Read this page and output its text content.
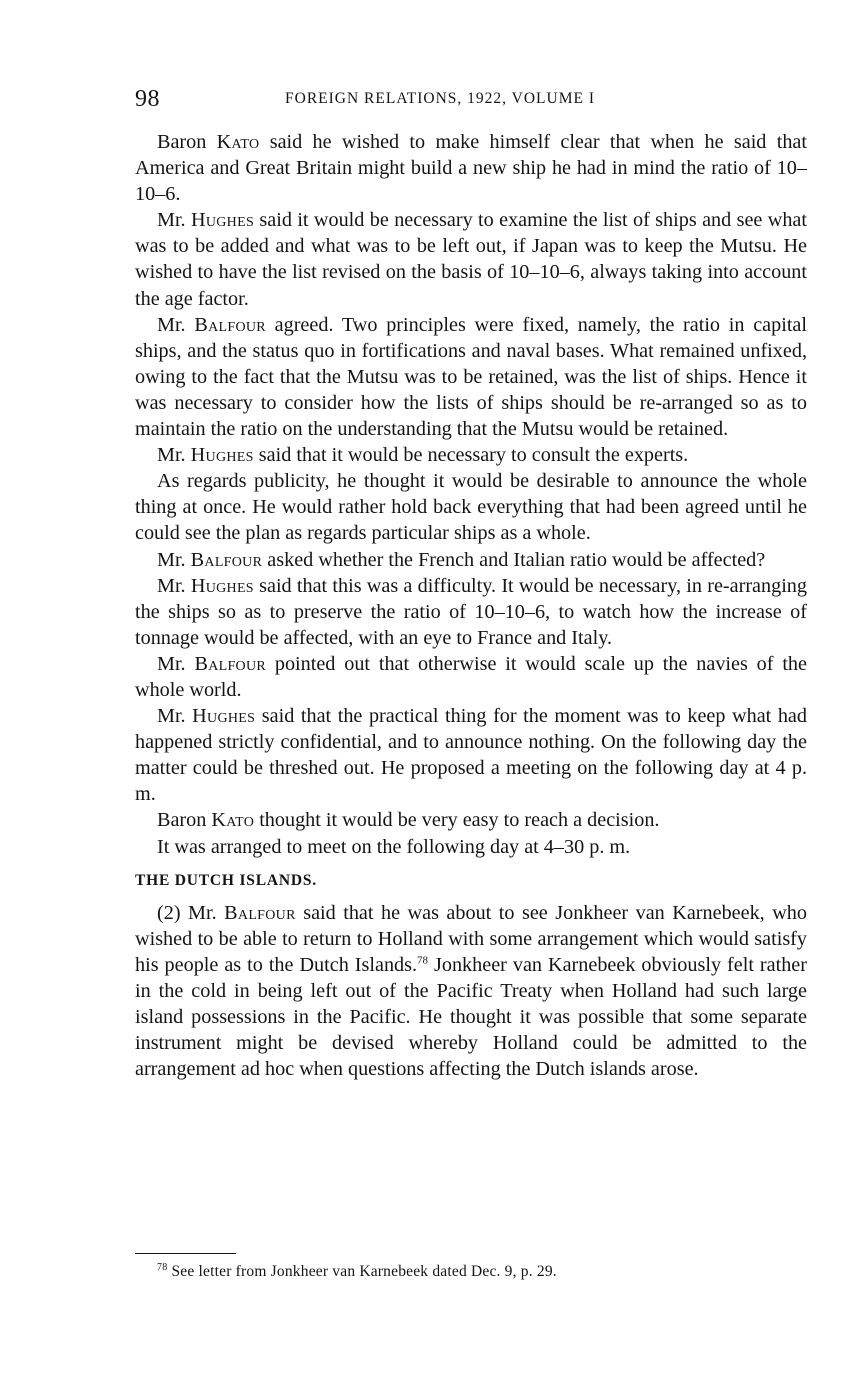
98	FOREIGN RELATIONS, 1922, VOLUME I

Baron Kato said he wished to make himself clear that when he said that America and Great Britain might build a new ship he had in mind the ratio of 10–10–6.

Mr. Hughes said it would be necessary to examine the list of ships and see what was to be added and what was to be left out, if Japan was to keep the Mutsu. He wished to have the list revised on the basis of 10–10–6, always taking into account the age factor.

Mr. Balfour agreed. Two principles were fixed, namely, the ratio in capital ships, and the status quo in fortifications and naval bases. What remained unfixed, owing to the fact that the Mutsu was to be retained, was the list of ships. Hence it was necessary to consider how the lists of ships should be re-arranged so as to maintain the ratio on the understanding that the Mutsu would be retained.

Mr. Hughes said that it would be necessary to consult the experts.

As regards publicity, he thought it would be desirable to announce the whole thing at once. He would rather hold back everything that had been agreed until he could see the plan as regards particular ships as a whole.

Mr. Balfour asked whether the French and Italian ratio would be affected?

Mr. Hughes said that this was a difficulty. It would be necessary, in re-arranging the ships so as to preserve the ratio of 10–10–6, to watch how the increase of tonnage would be affected, with an eye to France and Italy.

Mr. Balfour pointed out that otherwise it would scale up the navies of the whole world.

Mr. Hughes said that the practical thing for the moment was to keep what had happened strictly confidential, and to announce nothing. On the following day the matter could be threshed out. He proposed a meeting on the following day at 4 p. m.

Baron Kato thought it would be very easy to reach a decision.

It was arranged to meet on the following day at 4–30 p. m.

THE DUTCH ISLANDS.

(2) Mr. Balfour said that he was about to see Jonkheer van Karnebeek, who wished to be able to return to Holland with some arrangement which would satisfy his people as to the Dutch Islands.$^{78}$ Jonkheer van Karnebeek obviously felt rather in the cold in being left out of the Pacific Treaty when Holland had such large island possessions in the Pacific. He thought it was possible that some separate instrument might be devised whereby Holland could be admitted to the arrangement ad hoc when questions affecting the Dutch islands arose.

$^{78}$ See letter from Jonkheer van Karnebeek dated Dec. 9, p. 29.
